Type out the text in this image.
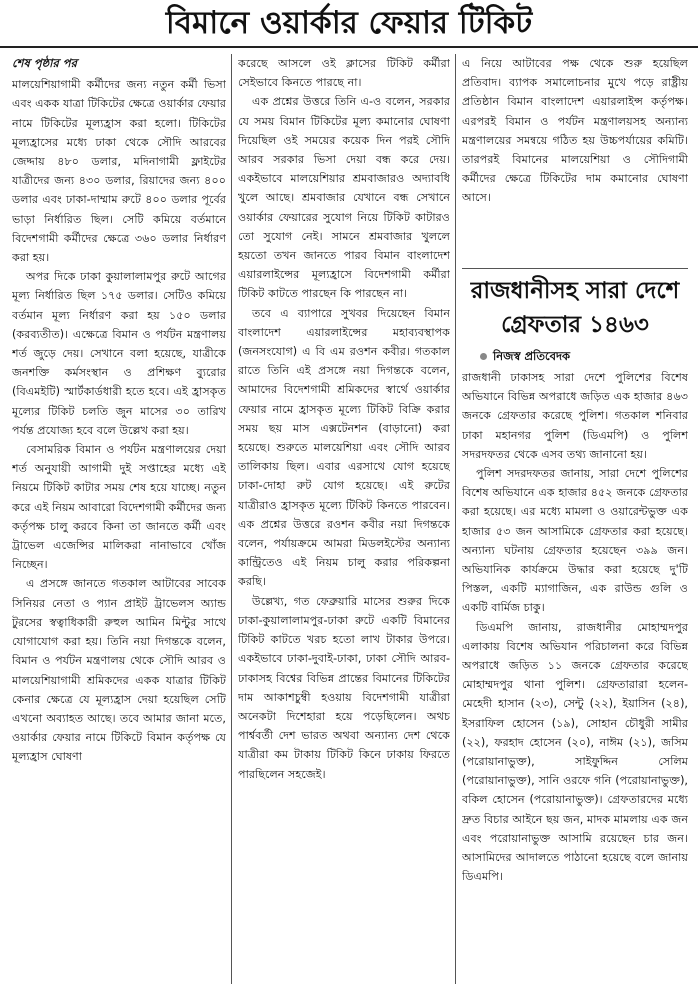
বিমানে ওয়ার্কার ফেয়ার টিকিট
শেষ পৃষ্ঠার পর

মালয়েশিয়াগামী কর্মীদের জন্য নতুন কর্মী ভিসা এবং একক যাত্রা টিকিটের ক্ষেত্রে ওয়ার্কার ফেয়ার নামে টিকিটের মূল্যহ্রাস করা হলো। টিকিটের মূল্যহ্রাসের মধ্যে ঢাকা থেকে সৌদি আরবের জেদ্দায় ৪৮০ ডলার, মদিনাগামী ফ্লাইটের যাত্রীদের জন্য ৪৩০ ডলার, রিয়াদের জন্য ৪০০ ডলার এবং ঢাকা-দাম্মাম রুটে ৪০০ ডলার পূর্বের ভাড়া নির্ধারিত ছিল। সেটি কমিয়ে বর্তমানে বিদেশগামী কর্মীদের ক্ষেত্রে ৩৬০ ডলার নির্ধারণ করা হয়।

অপর দিকে ঢাকা কুয়ালালামপুর রুটে আগের মূল্য নির্ধারিত ছিল ১৭৫ ডলার। সেটিও কমিয়ে বর্তমান মূল্য নির্ধারণ করা হয় ১৫০ ডলার (করব্যতীত)। এক্ষেত্রে বিমান ও পর্যটন মন্ত্রণালয় শর্ত জুড়ে দেয়। সেখানে বলা হয়েছে, যাত্রীকে জনশক্তি কর্মসংস্থান ও প্রশিক্ষণ ব্যুরোর (বিএমইটি) স্মার্টকার্ডধারী হতে হবে। এই হ্রাসকৃত মূল্যের টিকিট চলতি জুন মাসের ৩০ তারিখ পর্যন্ত প্রযোজ্য হবে বলে উল্লেখ করা হয়।

বেসামরিক বিমান ও পর্যটন মন্ত্রণালয়ের দেয়া শর্ত অনুযায়ী আগামী দুই সপ্তাহের মধ্যে এই নিয়মে টিকিট কাটার সময় শেষ হয়ে যাচ্ছে। নতুন করে এই নিয়ম আবারো বিদেশগামী কর্মীদের জন্য কর্তৃপক্ষ চালু করবে কিনা তা জানতে কর্মী এবং ট্রাভেল এজেন্সির মালিকরা নানাভাবে খোঁজ নিচ্ছেন।

এ প্রসঙ্গে জানতে গতকাল আটাবের সাবেক সিনিয়র নেতা ও প্যান প্রাইট ট্রাভেলস অ্যান্ড টুরসের স্বত্বাধিকারী রুহুল আমিন মিন্টুর সাথে যোগাযোগ করা হয়। তিনি নয়া দিগন্তকে বলেন, বিমান ও পর্যটন মন্ত্রণালয় থেকে সৌদি আরব ও মালয়েশিয়াগামী শ্রমিকদের একক যাত্রার টিকিট কেনার ক্ষেত্রে যে মূল্যহ্রাস দেয়া হয়েছিল সেটি এখনো অব্যাহত আছে। তবে আমার জানা মতে, ওয়ার্কার ফেয়ার নামে টিকিটে বিমান কর্তৃপক্ষ যে মূল্যহ্রাস ঘোষণা

করেছে আসলে ওই ক্লাসের টিকিট কর্মীরা সেইভাবে কিনতে পারছে না।

এক প্রশ্নের উত্তরে তিনি এ-ও বলেন, সরকার যে সময় বিমান টিকিটের মূল্য কমানোর ঘোষণা দিয়েছিল ওই সময়ের কয়েক দিন পরই সৌদি আরব সরকার ভিসা দেয়া বন্ধ করে দেয়। একইভাবে মালয়েশিয়ার শ্রমবাজারও অদ্যাবধি খুলে আছে। শ্রমবাজার যেখানে বন্ধ সেখানে ওয়ার্কার ফেয়ারের সুযোগ নিয়ে টিকিট কাটারও তো সুযোগ নেই। সামনে শ্রমবাজার খুললে হয়তো তখন জানতে পারব বিমান বাংলাদেশ এয়ারলাইন্সের মূল্যহ্রাসে বিদেশগামী কর্মীরা টিকিট কাটতে পারছেন কি পারছেন না।

তবে এ ব্যাপারে সুখবর দিয়েছেন বিমান বাংলাদেশ এয়ারলাইন্সের মহাব্যবস্থাপক (জনসংযোগ) এ বি এম রওশন কবীর। গতকাল রাতে তিনি এই প্রসঙ্গে নয়া দিগন্তকে বলেন, আমাদের বিদেশগামী শ্রমিকদের স্বার্থে ওয়ার্কার ফেয়ার নামে হ্রাসকৃত মূল্যে টিকিট বিক্রি করার সময় ছয় মাস এক্সটেনশন (বাড়ানো) করা হয়েছে। শুরুতে মালয়েশিয়া এবং সৌদি আরব তালিকায় ছিল। এবার এরসাথে যোগ হয়েছে ঢাকা-দোহা রুট যোগ হয়েছে। এই রুটের যাত্রীরাও হ্রাসকৃত মূল্যে টিকিট কিনতে পারবেন। এক প্রশ্নের উত্তরে রওশন কবীর নয়া দিগন্তকে বলেন, পর্যায়ক্রমে আমরা মিডলইস্টের অন্যান্য কান্ট্রিতেও এই নিয়ম চালু করার পরিকল্পনা করছি।

উল্লেখ্য, গত ফেব্রুয়ারি মাসের শুরুর দিকে ঢাকা-কুয়ালালামপুর-ঢাকা রুটে একটি বিমানের টিকিট কাটতে খরচ হতো লাখ টাকার উপরে। একইভাবে ঢাকা-দুবাই-ঢাকা, ঢাকা সৌদি আরব-ঢাকাসহ বিশ্বের বিভিন্ন প্রান্তের বিমানের টিকিটের দাম আকাশচুম্বী হওয়ায় বিদেশগামী যাত্রীরা অনেকটা দিশেহারা হয়ে পড়েছিলেন। অথচ পার্শ্ববর্তী দেশ ভারত অথবা অন্যান্য দেশ থেকে যাত্রীরা কম টাকায় টিকিট কিনে ঢাকায় ফিরতে পারছিলেন সহজেই।

এ নিয়ে আটাবের পক্ষ থেকে শুরু হয়েছিল প্রতিবাদ। ব্যাপক সমালোচনার মুখে পড়ে রাষ্ট্রীয় প্রতিষ্ঠান বিমান বাংলাদেশ এয়ারলাইন্স কর্তৃপক্ষ। এরপরই বিমান ও পর্যটন মন্ত্রণালয়সহ অন্যান্য মন্ত্রণালয়ের সমন্বয়ে গঠিত হয় উচ্চপর্যায়ের কমিটি। তারপরই বিমানের মালয়েশিয়া ও সৌদিগামী কর্মীদের ক্ষেত্রে টিকিটের দাম কমানোর ঘোষণা আসে।

রাজধানীসহ সারা দেশে গ্রেফতার ১৪৬৩
নিজস্ব প্রতিবেদক

রাজধানী ঢাকাসহ সারা দেশে পুলিশের বিশেষ অভিযানে বিভিন্ন অপরাধে জড়িত এক হাজার ৪৬৩ জনকে গ্রেফতার করেছে পুলিশ। গতকাল শনিবার ঢাকা মহানগর পুলিশ (ডিএমপি) ও পুলিশ সদরদফতর থেকে এসব তথ্য জানানো হয়।

পুলিশ সদরদফতর জানায়, সারা দেশে পুলিশের বিশেষ অভিযানে এক হাজার ৪৫২ জনকে গ্রেফতার করা হয়েছে। এর মধ্যে মামলা ও ওয়ারেন্টভুক্ত এক হাজার ৫৩ জন আসামিকে গ্রেফতার করা হয়েছে। অন্যান্য ঘটনায় গ্রেফতার হয়েছেন ৩৯৯ জন। অভিযানিক কার্যক্রমে উদ্ধার করা হয়েছে দু'টি পিস্তল, একটি ম্যাগাজিন, এক রাউন্ড গুলি ও একটি বার্মিজ চাকু।

ডিএমপি জানায়, রাজধানীর মোহাম্মদপুর এলাকায় বিশেষ অভিযান পরিচালনা করে বিভিন্ন অপরাধে জড়িত ১১ জনকে গ্রেফতার করেছে মোহাম্মদপুর থানা পুলিশ। গ্রেফতারারা হলেন- মেহেদী হাসান (২৩), সেন্টু (২২), ইয়াসিন (২৪), ইসরাফিল হোসেন (১৯), সোহান চৌধুরী সামীর (২২), ফরহাদ হোসেন (২০), নাঈম (২১), জসিম (পরোয়ানাভুক্ত), সাইফুদ্দিন সেলিম (পরোয়ানাভুক্ত), সানি ওরফে গনি (পরোয়ানাভুক্ত), বকিল হোসেন (পরোয়ানাভুক্ত)। গ্রেফতারদের মধ্যে দ্রুত বিচার আইনে ছয় জন, মাদক মামলায় এক জন এবং পরোয়ানাভুক্ত আসামি রয়েছেন চার জন। আসামিদের আদালতে পাঠানো হয়েছে বলে জানায় ডিএমপি।
